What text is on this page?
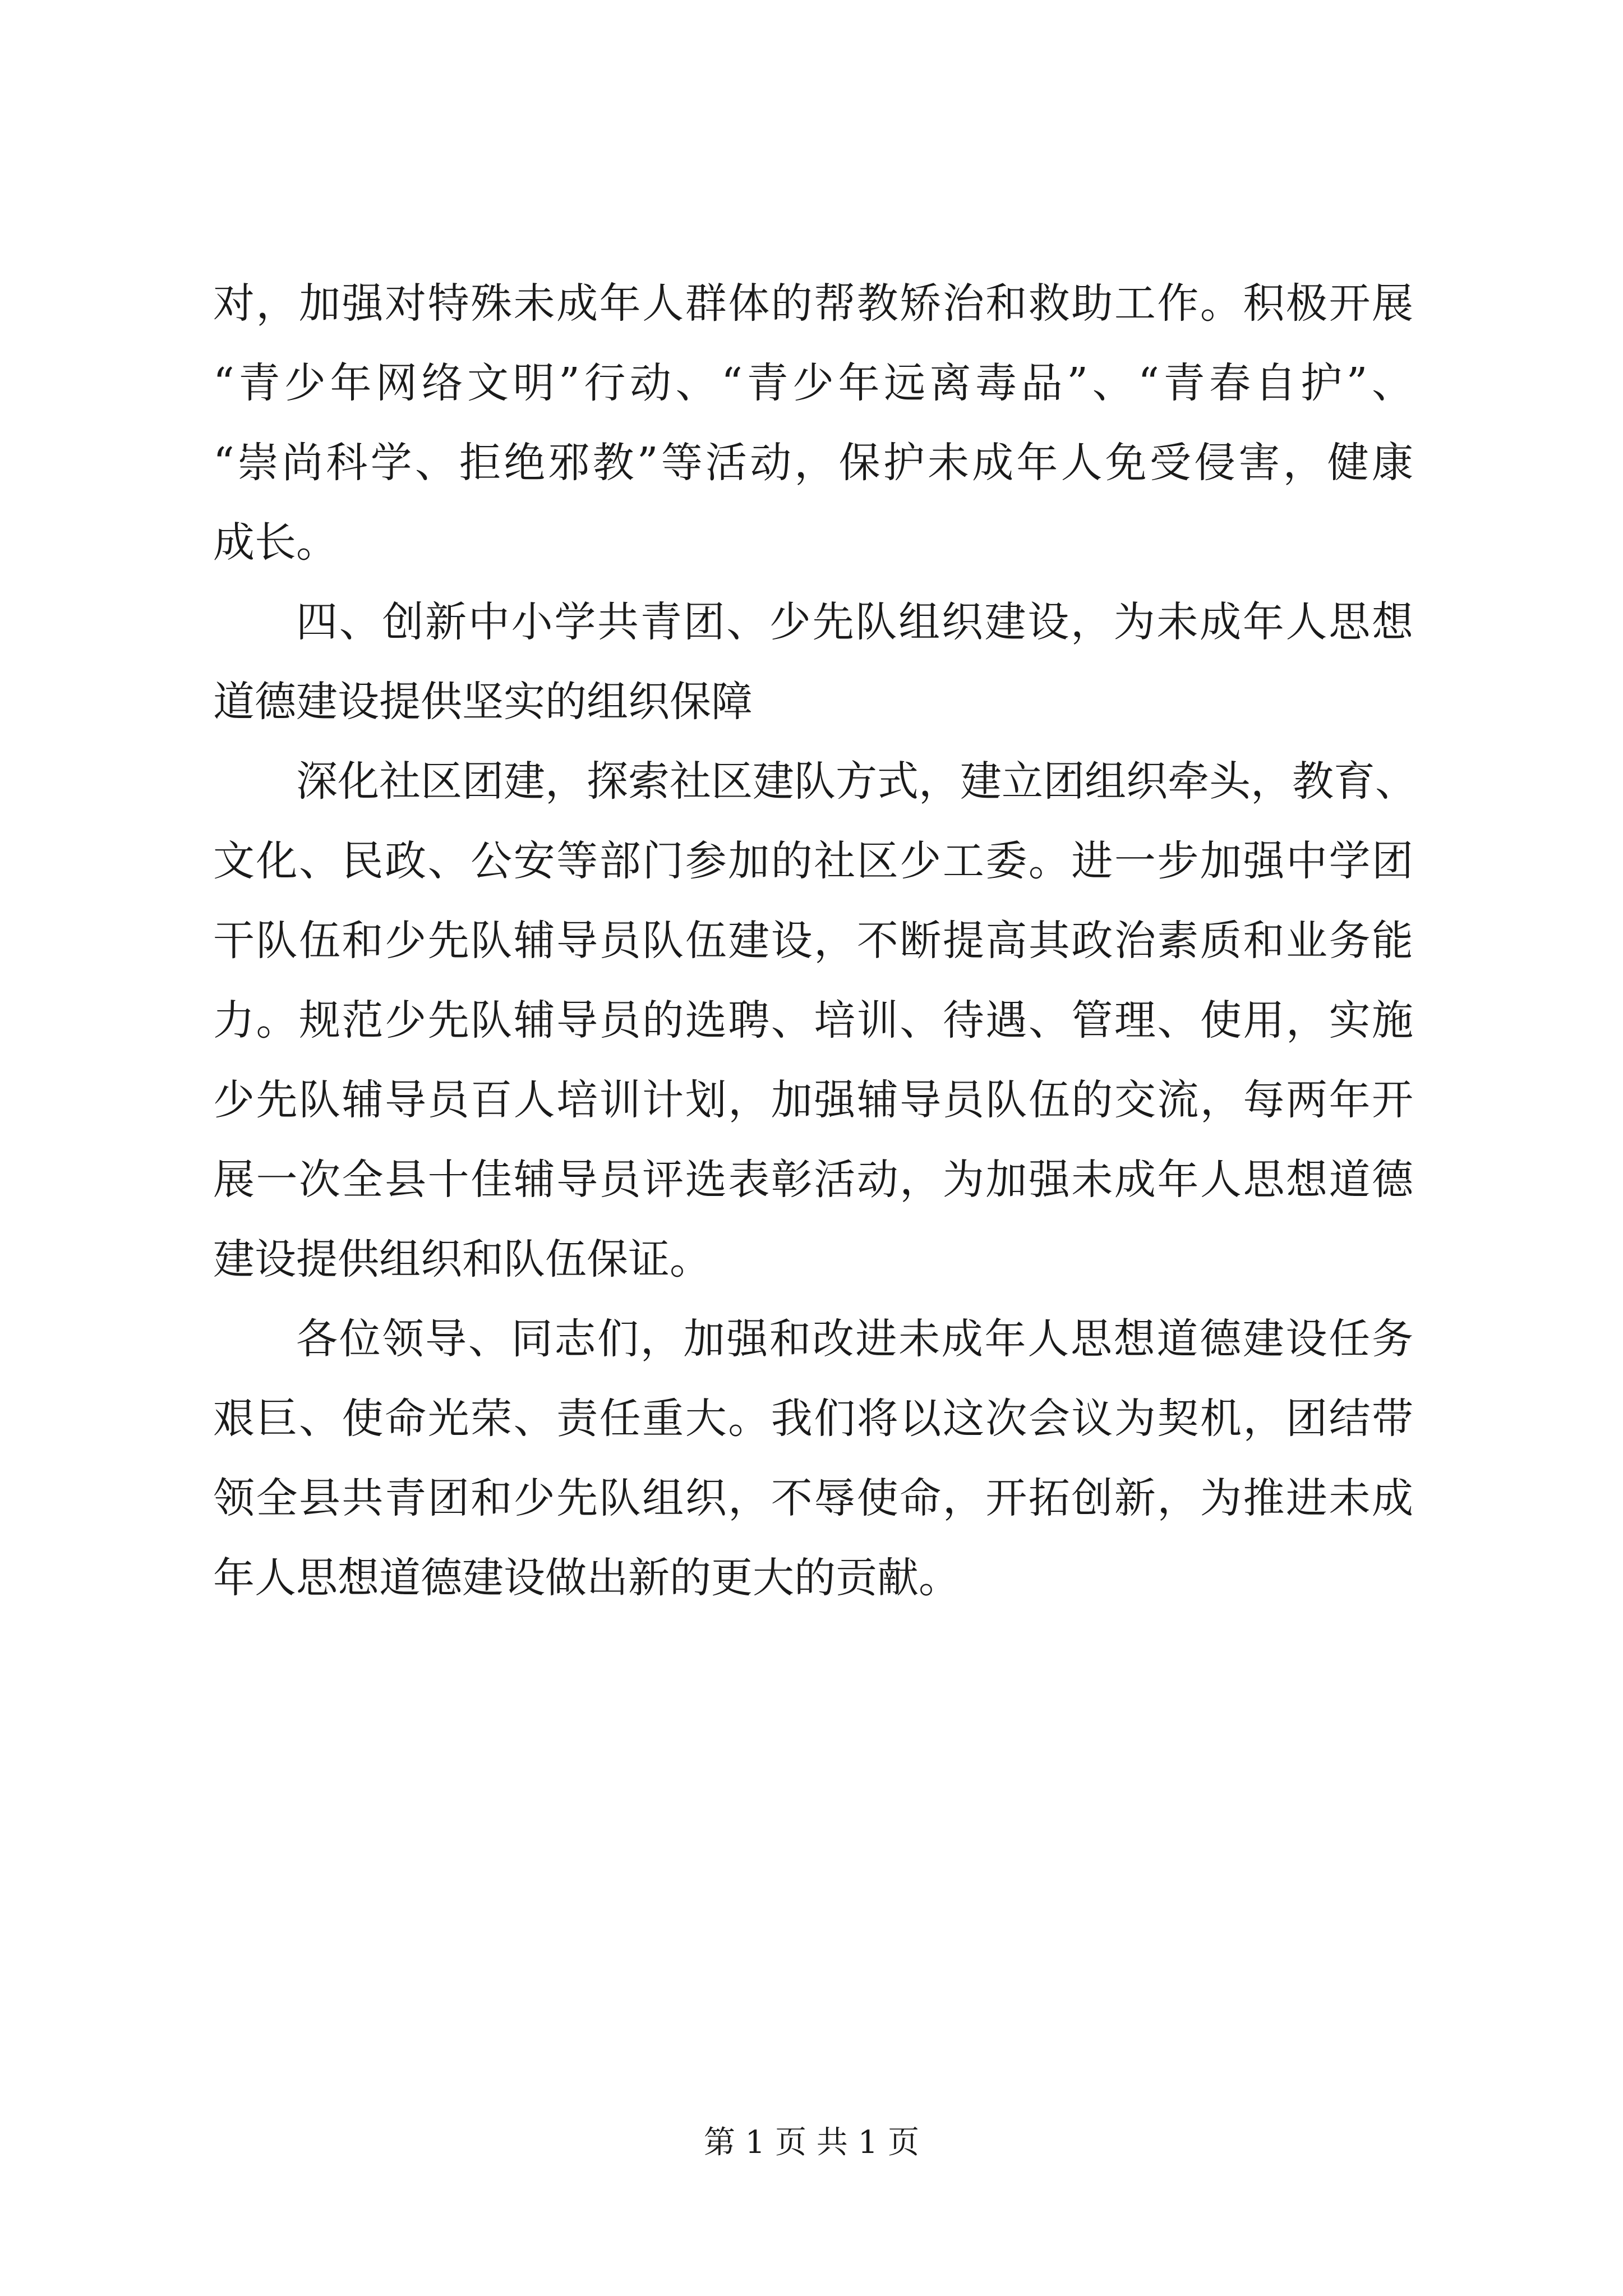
对，加强对特殊未成年人群体的帮教矫治和救助工作。积极开展
“青少年网络文明”行动、“青少年远离毒品”、“青春自护”、
“崇尚科学、拒绝邪教”等活动，保护未成年人免受侵害，健康
成长。
四、创新中小学共青团、少先队组织建设，为未成年人思想
道德建设提供坚实的组织保障
深化社区团建，探索社区建队方式，建立团组织牵头，教育、
文化、民政、公安等部门参加的社区少工委。进一步加强中学团
干队伍和少先队辅导员队伍建设，不断提高其政治素质和业务能
力。规范少先队辅导员的选聘、培训、待遇、管理、使用，实施
少先队辅导员百人培训计划，加强辅导员队伍的交流，每两年开
展一次全县十佳辅导员评选表彰活动，为加强未成年人思想道德
建设提供组织和队伍保证。
各位领导、同志们，加强和改进未成年人思想道德建设任务
艰巨、使命光荣、责任重大。我们将以这次会议为契机，团结带
领全县共青团和少先队组织，不辱使命，开拓创新，为推进未成
年人思想道德建设做出新的更大的贡献。
第 1 页 共 1 页
